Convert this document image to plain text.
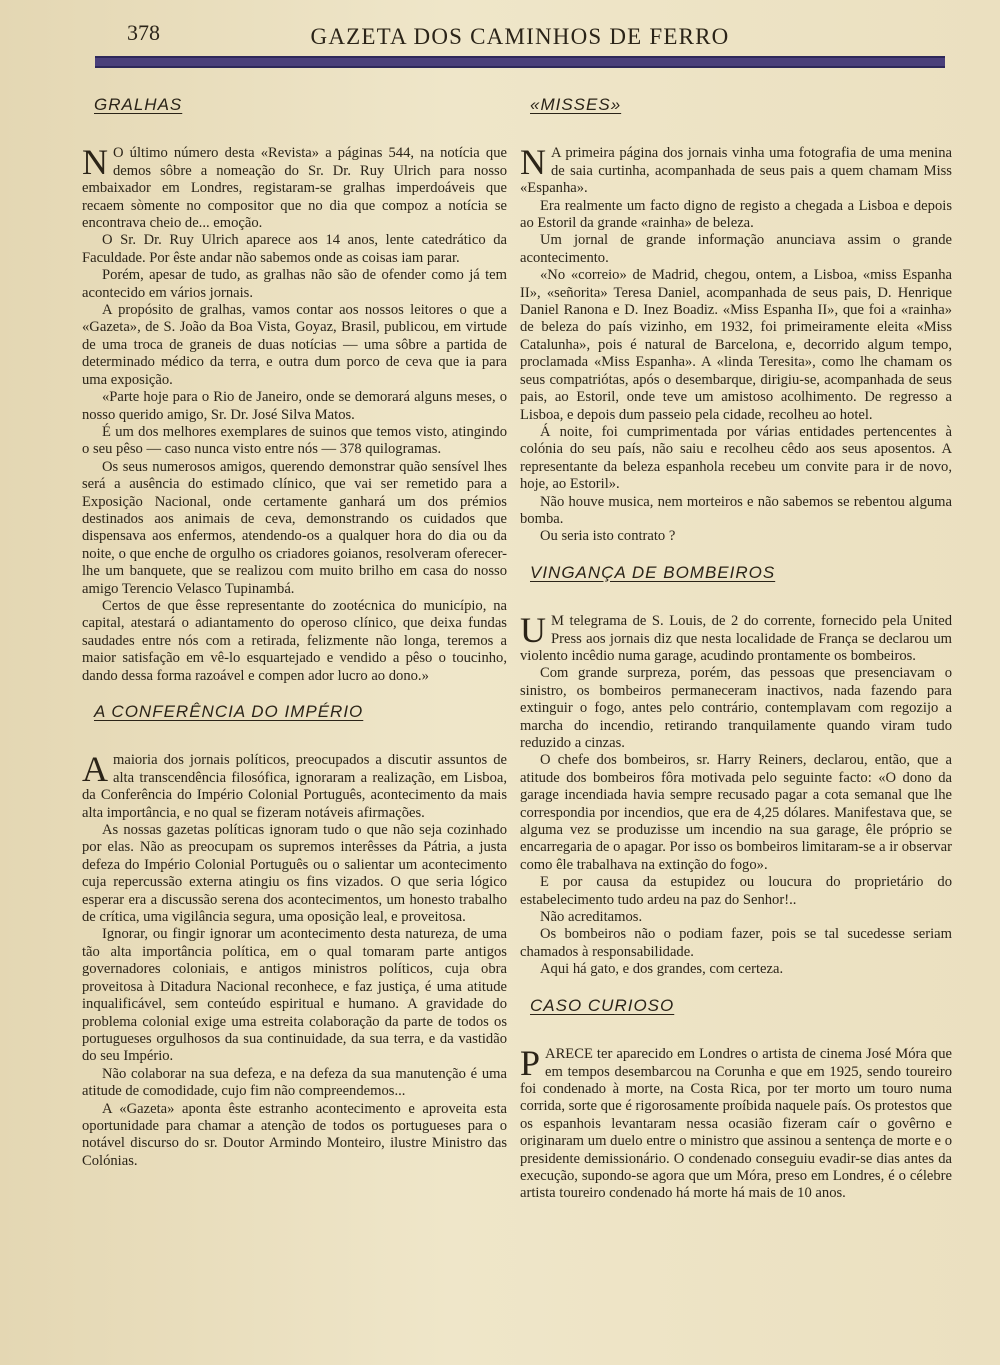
378	GAZETA DOS CAMINHOS DE FERRO
GRALHAS

N O último número desta «Revista» a páginas 544, na notícia que demos sôbre a nomeação do Sr. Dr. Ruy Ulrich para nosso embaixador em Londres, registaram-se gralhas imperdoáveis que recaem sòmente no compositor que no dia que compoz a notícia se encontrava cheio de... emoção.

O Sr. Dr. Ruy Ulrich aparece aos 14 anos, lente catedrático da Faculdade. Por êste andar não sabemos onde as coisas iam parar.

Porém, apesar de tudo, as gralhas não são de ofender como já tem acontecido em vários jornais.

A propósito de gralhas, vamos contar aos nossos leitores o que a «Gazeta», de S. João da Boa Vista, Goyaz, Brasil, publicou, em virtude de uma troca de graneis de duas notícias — uma sôbre a partida de determinado médico da terra, e outra dum porco de ceva que ia para uma exposição.

«Parte hoje para o Rio de Janeiro, onde se demorará alguns meses, o nosso querido amigo, Sr. Dr. José Silva Matos.

É um dos melhores exemplares de suinos que temos visto, atingindo o seu pêso — caso nunca visto entre nós — 378 quilogramas.

Os seus numerosos amigos, querendo demonstrar quão sensível lhes será a ausência do estimado clínico, que vai ser remetido para a Exposição Nacional, onde certamente ganhará um dos prémios destinados aos animais de ceva, demonstrando os cuidados que dispensava aos enfermos, atendendo-os a qualquer hora do dia ou da noite, o que enche de orgulho os criadores goianos, resolveram oferecer-lhe um banquete, que se realizou com muito brilho em casa do nosso amigo Terencio Velasco Tupinambá.

Certos de que êsse representante do zootécnica do município, na capital, atestará o adiantamento do operoso clínico, que deixa fundas saudades entre nós com a retirada, felizmente não longa, teremos a maior satisfação em vê-lo esquartejado e vendido a pêso o toucinho, dando dessa forma razoável e compen ador lucro ao dono.»

A CONFERÊNCIA DO IMPÉRIO

Amaioria dos jornais políticos, preocupados a discutir assuntos de alta transcendência filosófica, ignoraram a realização, em Lisboa, da Conferência do Império Colonial Português, acontecimento da mais alta importância, e no qual se fizeram notáveis afirmações.

As nossas gazetas políticas ignoram tudo o que não seja cozinhado por elas. Não as preocupam os supremos interêsses da Pátria, a justa defeza do Império Colonial Português ou o salientar um acontecimento cuja repercussão externa atingiu os fins vizados. O que seria lógico esperar era a discussão serena dos acontecimentos, um honesto trabalho de crítica, uma vigilância segura, uma oposição leal, e proveitosa.

Ignorar, ou fingir ignorar um acontecimento desta natureza, de uma tão alta importância política, em o qual tomaram parte antigos governadores coloniais, e antigos ministros políticos, cuja obra proveitosa à Ditadura Nacional reconhece, e faz justiça, é uma atitude inqualificável, sem conteúdo espiritual e humano. A gravidade do problema colonial exige uma estreita colaboração da parte de todos os portugueses orgulhosos da sua continuidade, da sua terra, e da vastidão do seu Império.

Não colaborar na sua defeza, e na defeza da sua manutenção é uma atitude de comodidade, cujo fim não compreendemos...

A «Gazeta» aponta êste estranho acontecimento e aproveita esta oportunidade para chamar a atenção de todos os portugueses para o notável discurso do sr. Doutor Armindo Monteiro, ilustre Ministro das Colónias.

«MISSES»

N A primeira página dos jornais vinha uma fotografia de uma menina de saia curtinha, acompanhada de seus pais a quem chamam Miss «Espanha».

Era realmente um facto digno de registo a chegada a Lisboa e depois ao Estoril da grande «rainha» de beleza.

Um jornal de grande informação anunciava assim o grande acontecimento.

«No «correio» de Madrid, chegou, ontem, a Lisboa, «miss Espanha II», «señorita» Teresa Daniel, acompanhada de seus pais, D. Henrique Daniel Ranona e D. Inez Boadiz. «Miss Espanha II», que foi a «rainha» de beleza do país vizinho, em 1932, foi primeiramente eleita «Miss Catalunha», pois é natural de Barcelona, e, decorrido algum tempo, proclamada «Miss Espanha». A «linda Teresita», como lhe chamam os seus compatriótas, após o desembarque, dirigiu-se, acompanhada de seus pais, ao Estoril, onde teve um amistoso acolhimento. De regresso a Lisboa, e depois dum passeio pela cidade, recolheu ao hotel.

Á noite, foi cumprimentada por várias entidades pertencentes à colónia do seu país, não saiu e recolheu cêdo aos seus aposentos. A representante da beleza espanhola recebeu um convite para ir de novo, hoje, ao Estoril».

Não houve musica, nem morteiros e não sabemos se rebentou alguma bomba.

Ou seria isto contrato ?

VINGANÇA DE BOMBEIROS

U M telegrama de S. Louis, de 2 do corrente, fornecido pela United Press aos jornais diz que nesta localidade de França se declarou um violento incêdio numa garage, acudindo prontamente os bombeiros.

Com grande surpreza, porém, das pessoas que presenciavam o sinistro, os bombeiros permaneceram inactivos, nada fazendo para extinguir o fogo, antes pelo contrário, contemplavam com regozijo a marcha do incendio, retirando tranquilamente quando viram tudo reduzido a cinzas.

O chefe dos bombeiros, sr. Harry Reiners, declarou, então, que a atitude dos bombeiros fôra motivada pelo seguinte facto: «O dono da garage incendiada havia sempre recusado pagar a cota semanal que lhe correspondia por incendios, que era de 4,25 dólares. Manifestava que, se alguma vez se produzisse um incendio na sua garage, êle próprio se encarregaria de o apagar. Por isso os bombeiros limitaram-se a ir observar como êle trabalhava na extinção do fogo».

E por causa da estupidez ou loucura do proprietário do estabelecimento tudo ardeu na paz do Senhor!..

Não acreditamos.

Os bombeiros não o podiam fazer, pois se tal sucedesse seriam chamados à responsabilidade.

Aqui há gato, e dos grandes, com certeza.

CASO CURIOSO

PARECE ter aparecido em Londres o artista de cinema José Móra que em tempos desembarcou na Corunha e que em 1925, sendo toureiro foi condenado à morte, na Costa Rica, por ter morto um touro numa corrida, sorte que é rigorosamente proíbida naquele país. Os protestos que os espanhois levantaram nessa ocasião fizeram caír o govêrno e originaram um duelo entre o ministro que assinou a sentença de morte e o presidente demissionário. O condenado conseguiu evadir-se dias antes da execução, supondo-se agora que um Móra, preso em Londres, é o célebre artista toureiro condenado há morte há mais de 10 anos.
